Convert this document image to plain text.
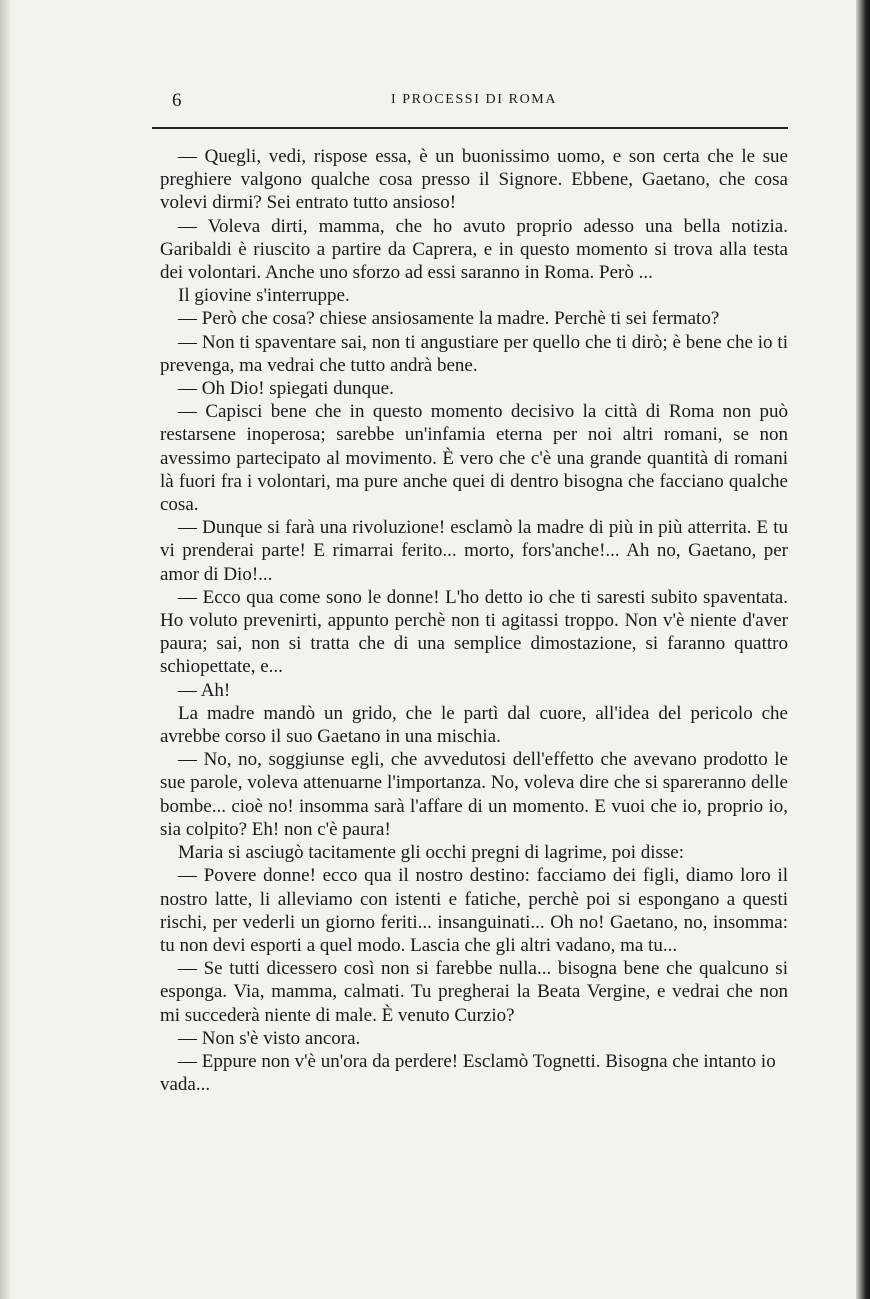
6	I PROCESSI DI ROMA

— Quegli, vedi, rispose essa, è un buonissimo uomo, e son certa che le sue preghiere valgono qualche cosa presso il Signore. Ebbene, Gaetano, che cosa volevi dirmi? Sei entrato tutto ansioso!

— Voleva dirti, mamma, che ho avuto proprio adesso una bella notizia. Garibaldi è riuscito a partire da Caprera, e in questo momento si trova alla testa dei volontari. Anche uno sforzo ad essi saranno in Roma. Però ...

Il giovine s'interruppe.

— Però che cosa? chiese ansiosamente la madre. Perchè ti sei fermato?

— Non ti spaventare sai, non ti angustiare per quello che ti dirò; è bene che io ti prevenga, ma vedrai che tutto andrà bene.

— Oh Dio! spiegati dunque.

— Capisci bene che in questo momento decisivo la città di Roma non può restarsene inoperosa; sarebbe un'infamia eterna per noi altri romani, se non avessimo partecipato al movimento. È vero che c'è una grande quantità di romani là fuori fra i volontari, ma pure anche quei di dentro bisogna che facciano qualche cosa.

— Dunque si farà una rivoluzione! esclamò la madre di più in più atterrita. E tu vi prenderai parte! E rimarrai ferito... morto, fors'anche!... Ah no, Gaetano, per amor di Dio!...

— Ecco qua come sono le donne! L'ho detto io che ti saresti subito spaventata. Ho voluto prevenirti, appunto perchè non ti agitassi troppo. Non v'è niente d'aver paura; sai, non si tratta che di una semplice dimostazione, si faranno quattro schiopettate, e...

— Ah!

La madre mandò un grido, che le partì dal cuore, all'idea del pericolo che avrebbe corso il suo Gaetano in una mischia.

— No, no, soggiunse egli, che avvedutosi dell'effetto che avevano prodotto le sue parole, voleva attenuarne l'importanza. No, voleva dire che si spareranno delle bombe... cioè no! insomma sarà l'affare di un momento. E vuoi che io, proprio io, sia colpito? Eh! non c'è paura!

Maria si asciugò tacitamente gli occhi pregni di lagrime, poi disse:

— Povere donne! ecco qua il nostro destino: facciamo dei figli, diamo loro il nostro latte, li alleviamo con istenti e fatiche, perchè poi si espongano a questi rischi, per vederli un giorno feriti... insanguinati... Oh no! Gaetano, no, insomma: tu non devi esporti a quel modo. Lascia che gli altri vadano, ma tu...

— Se tutti dicessero così non si farebbe nulla... bisogna bene che qualcuno si esponga. Via, mamma, calmati. Tu pregherai la Beata Vergine, e vedrai che non mi succederà niente di male. È venuto Curzio?

— Non s'è visto ancora.

— Eppure non v'è un'ora da perdere! Esclamò Tognetti. Bisogna che intanto io vada...
